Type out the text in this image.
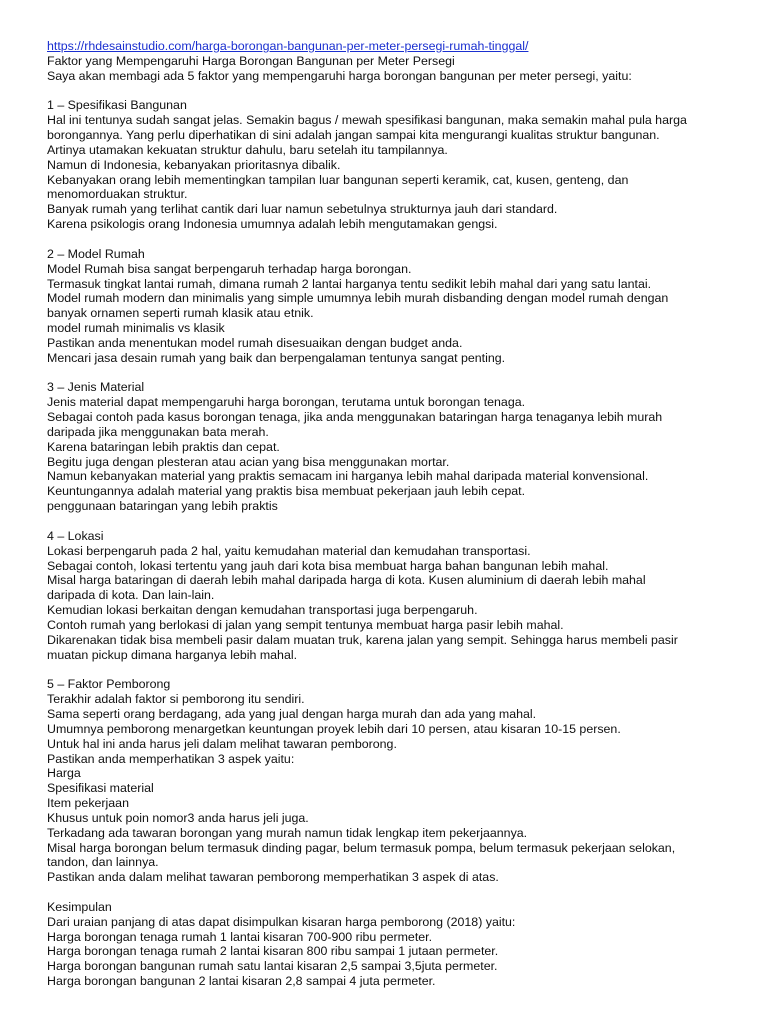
https://rhdesainstudio.com/harga-borongan-bangunan-per-meter-persegi-rumah-tinggal/
Faktor yang Mempengaruhi Harga Borongan Bangunan per Meter Persegi
Saya akan membagi ada 5 faktor yang mempengaruhi harga borongan bangunan per meter persegi, yaitu:
1 – Spesifikasi Bangunan
Hal ini tentunya sudah sangat jelas. Semakin bagus / mewah spesifikasi bangunan, maka semakin mahal pula harga
borongannya. Yang perlu diperhatikan di sini adalah jangan sampai kita mengurangi kualitas struktur bangunan.
Artinya utamakan kekuatan struktur dahulu, baru setelah itu tampilannya.
Namun di Indonesia, kebanyakan prioritasnya dibalik.
Kebanyakan orang lebih mementingkan tampilan luar bangunan seperti keramik, cat, kusen, genteng, dan
menomorduakan struktur.
Banyak rumah yang terlihat cantik dari luar namun sebetulnya strukturnya jauh dari standard.
Karena psikologis orang Indonesia umumnya adalah lebih mengutamakan gengsi.
2 – Model Rumah
Model Rumah bisa sangat berpengaruh terhadap harga borongan.
Termasuk tingkat lantai rumah, dimana rumah 2 lantai harganya tentu sedikit lebih mahal dari yang satu lantai.
Model rumah modern dan minimalis yang simple umumnya lebih murah disbanding dengan model rumah dengan
banyak ornamen seperti rumah klasik atau etnik.
model rumah minimalis vs klasik
Pastikan anda menentukan model rumah disesuaikan dengan budget anda.
Mencari jasa desain rumah yang baik dan berpengalaman tentunya sangat penting.
3 – Jenis Material
Jenis material dapat mempengaruhi harga borongan, terutama untuk borongan tenaga.
Sebagai contoh pada kasus borongan tenaga, jika anda menggunakan bataringan harga tenaganya lebih murah
daripada jika menggunakan bata merah.
Karena bataringan lebih praktis dan cepat.
Begitu juga dengan plesteran atau acian yang bisa menggunakan mortar.
Namun kebanyakan material yang praktis semacam ini harganya lebih mahal daripada material konvensional.
Keuntungannya adalah material yang praktis bisa membuat pekerjaan jauh lebih cepat.
penggunaan bataringan yang lebih praktis
4 – Lokasi
Lokasi berpengaruh pada 2 hal, yaitu kemudahan material dan kemudahan transportasi.
Sebagai contoh, lokasi tertentu yang jauh dari kota bisa membuat harga bahan bangunan lebih mahal.
Misal harga bataringan di daerah lebih mahal daripada harga di kota. Kusen aluminium di daerah lebih mahal
daripada di kota. Dan lain-lain.
Kemudian lokasi berkaitan dengan kemudahan transportasi juga berpengaruh.
Contoh rumah yang berlokasi di jalan yang sempit tentunya membuat harga pasir lebih mahal.
Dikarenakan tidak bisa membeli pasir dalam muatan truk, karena jalan yang sempit. Sehingga harus membeli pasir
muatan pickup dimana harganya lebih mahal.
5 – Faktor Pemborong
Terakhir adalah faktor si pemborong itu sendiri.
Sama seperti orang berdagang, ada yang jual dengan harga murah dan ada yang mahal.
Umumnya pemborong menargetkan keuntungan proyek lebih dari 10 persen, atau kisaran 10-15 persen.
Untuk hal ini anda harus jeli dalam melihat tawaran pemborong.
Pastikan anda memperhatikan 3 aspek yaitu:
Harga
Spesifikasi material
Item pekerjaan
Khusus untuk poin nomor3 anda harus jeli juga.
Terkadang ada tawaran borongan yang murah namun tidak lengkap item pekerjaannya.
Misal harga borongan belum termasuk dinding pagar, belum termasuk pompa, belum termasuk pekerjaan selokan,
tandon, dan lainnya.
Pastikan anda dalam melihat tawaran pemborong memperhatikan 3 aspek di atas.
Kesimpulan
Dari uraian panjang di atas dapat disimpulkan kisaran harga pemborong (2018) yaitu:
Harga borongan tenaga rumah 1 lantai kisaran 700-900 ribu permeter.
Harga borongan tenaga rumah 2 lantai kisaran 800 ribu sampai 1 jutaan permeter.
Harga borongan bangunan rumah satu lantai kisaran 2,5 sampai 3,5juta permeter.
Harga borongan bangunan 2 lantai kisaran 2,8 sampai 4 juta permeter.
